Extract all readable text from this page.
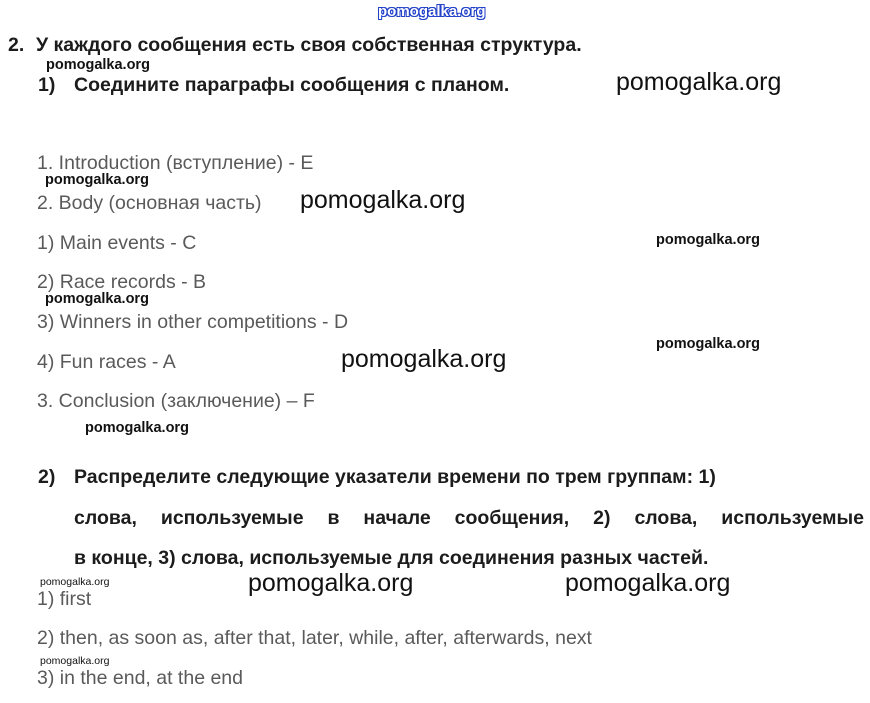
pomogalka.org
2. У каждого сообщения есть своя собственная структура.
1) Соедините параграфы сообщения с планом.
1. Introduction (вступление) - E
2. Body (основная часть)
1) Main events - C
2) Race records - B
3) Winners in other competitions - D
4) Fun races - A
3. Conclusion (заключение) – F
2) Распределите следующие указатели времени по трем группам: 1)
слова, используемые в начале сообщения, 2) слова, используемые
в конце, 3) слова, используемые для соединения разных частей.
1) first
2) then, as soon as, after that, later, while, after, afterwards, next
3) in the end, at the end
pomogalka.org
pomogalka.org
pomogalka.org
pomogalka.org
pomogalka.org
pomogalka.org
pomogalka.org
pomogalka.org
pomogalka.org
pomogalka.org	pomogalka.org	pomogalka.org
pomogalka.org
